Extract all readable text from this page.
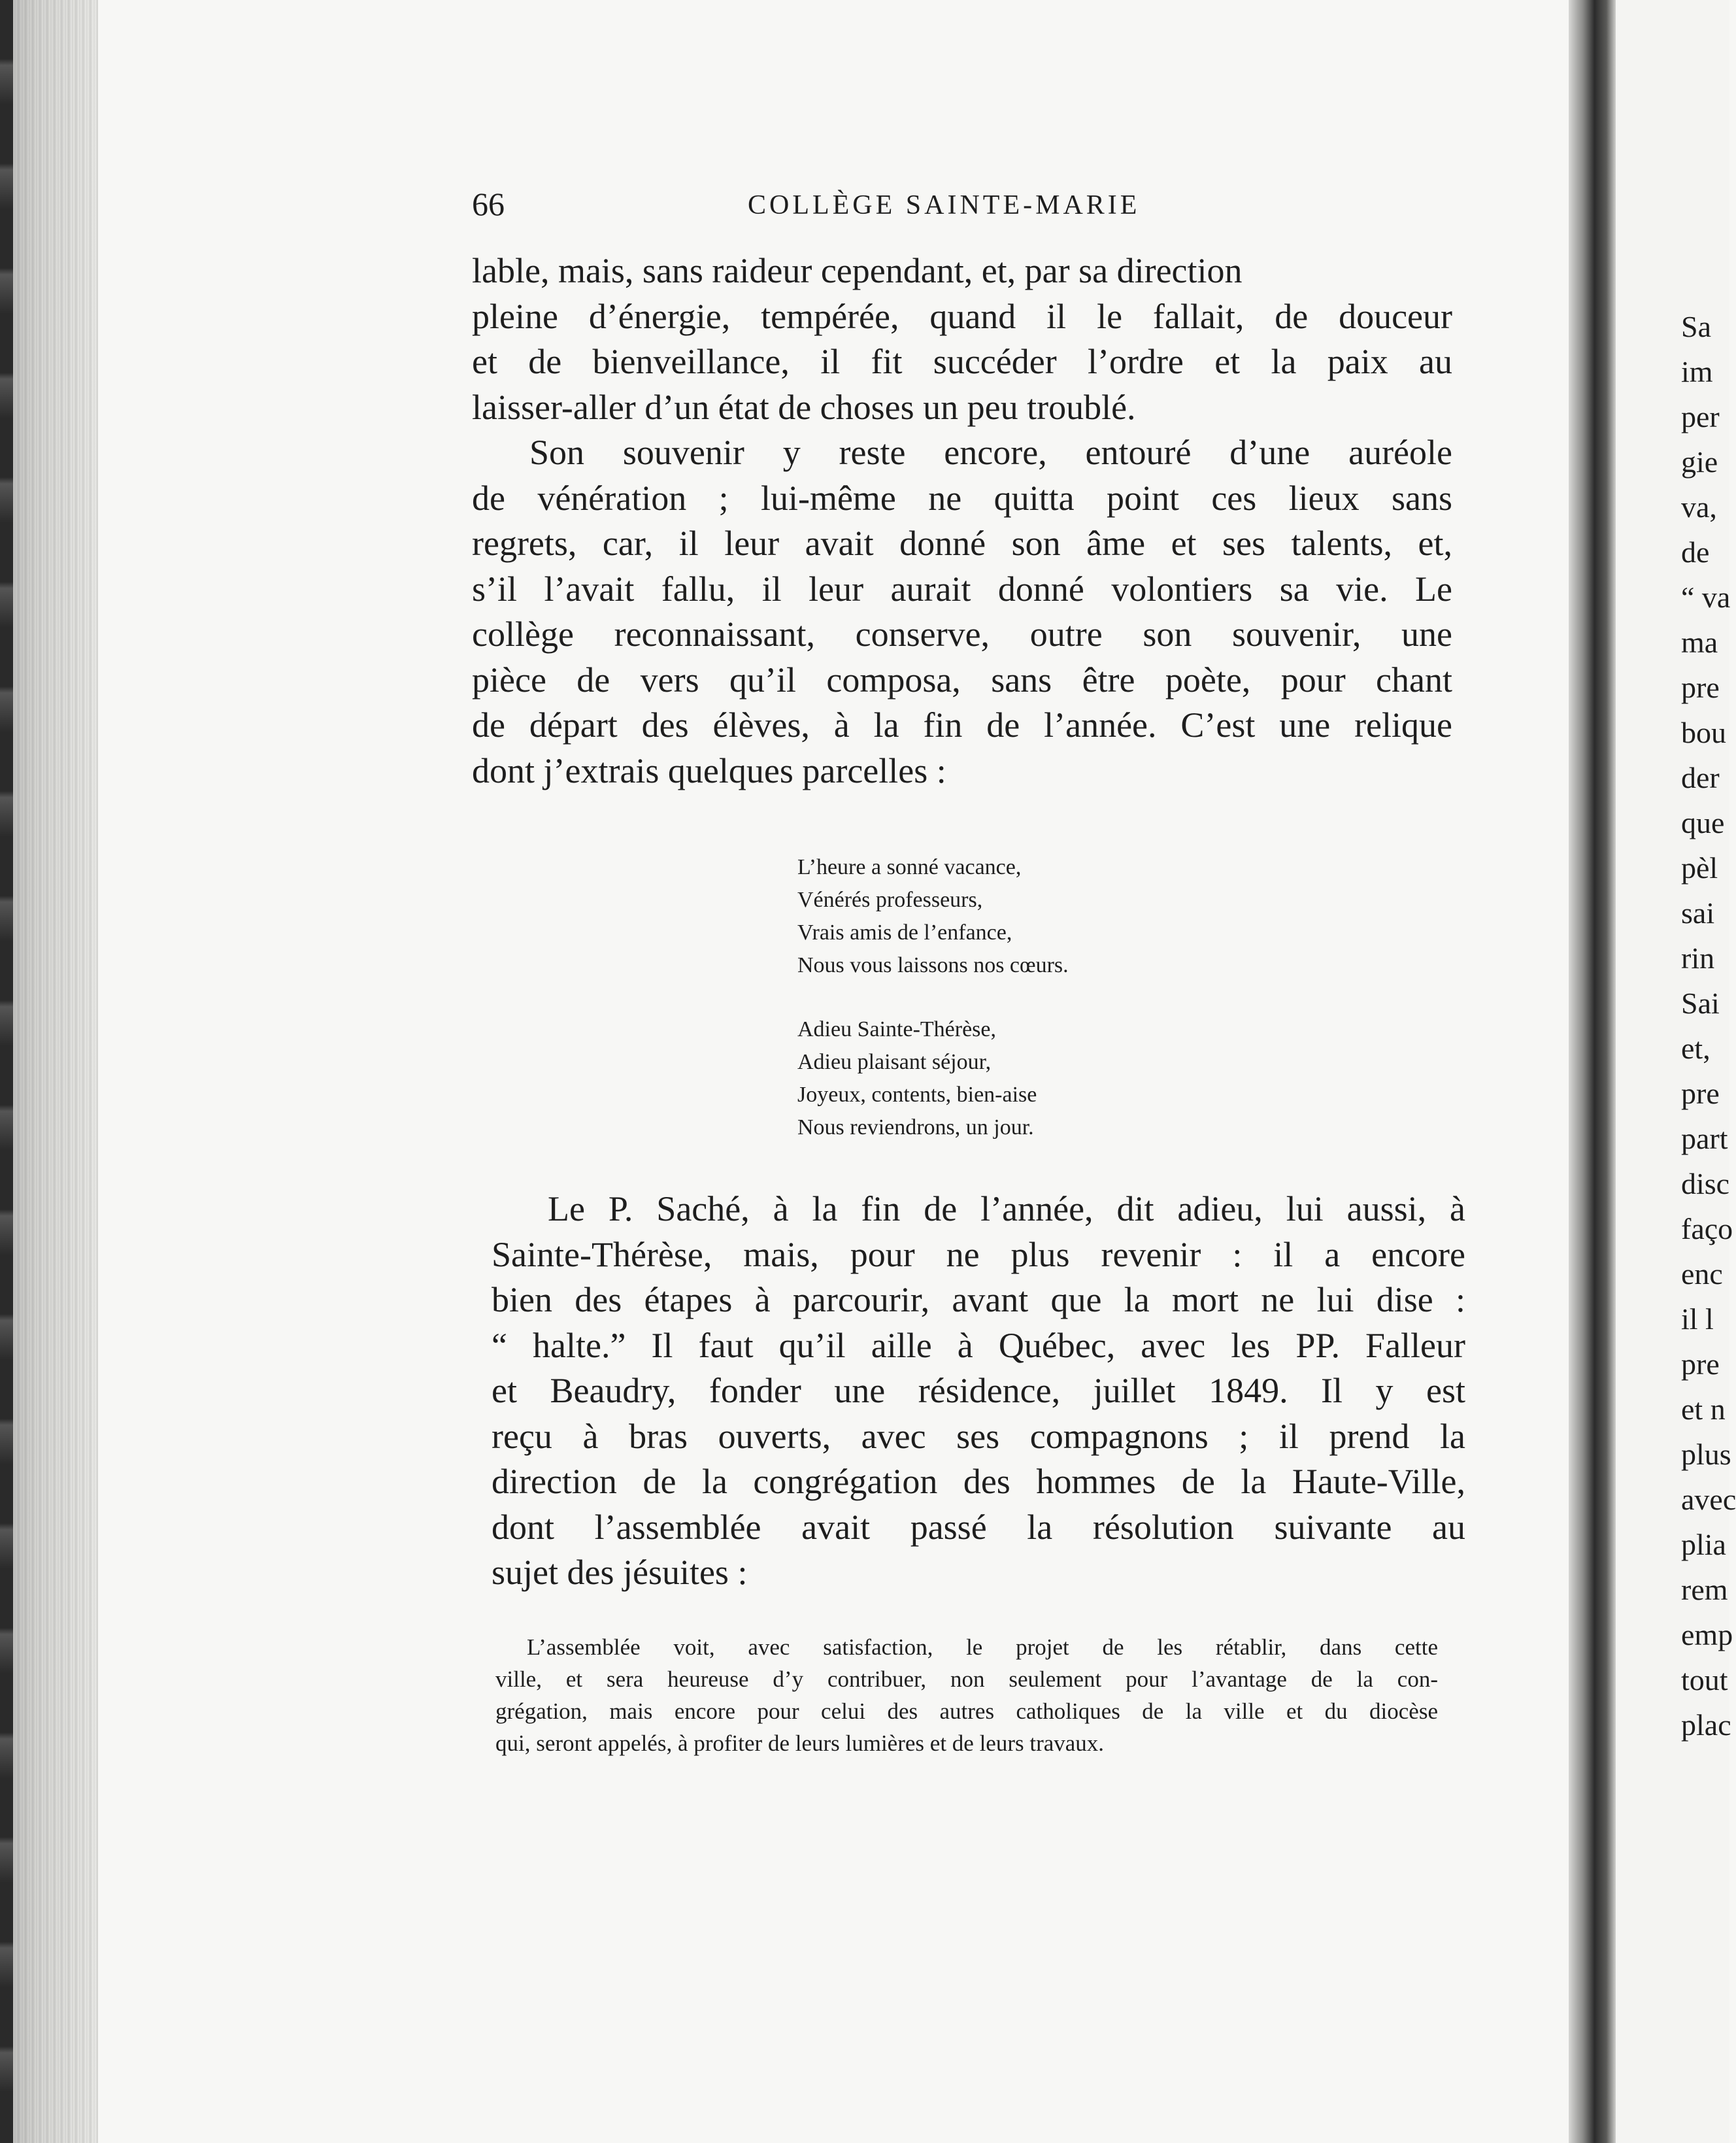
66	COLLÈGE SAINTE-MARIE
lable, mais, sans raideur cependant, et, par sa direction
pleine d’énergie, tempérée, quand il le fallait, de douceur
et de bienveillance, il fit succéder l’ordre et la paix au
laisser-aller d’un état de choses un peu troublé.
Son souvenir y reste encore, entouré d’une auréole
de vénération ; lui-même ne quitta point ces lieux sans
regrets, car, il leur avait donné son âme et ses talents, et,
s’il l’avait fallu, il leur aurait donné volontiers sa vie. Le
collège reconnaissant, conserve, outre son souvenir, une
pièce de vers qu’il composa, sans être poète, pour chant
de départ des élèves, à la fin de l’année. C’est une relique
dont j’extrais quelques parcelles :
L’heure a sonné vacance,
Vénérés professeurs,
Vrais amis de l’enfance,
Nous vous laissons nos cœurs.
Adieu Sainte-Thérèse,
Adieu plaisant séjour,
Joyeux, contents, bien-aise
Nous reviendrons, un jour.
Le P. Saché, à la fin de l’année, dit adieu, lui aussi, à
Sainte-Thérèse, mais, pour ne plus revenir : il a encore
bien des étapes à parcourir, avant que la mort ne lui dise :
“ halte.” Il faut qu’il aille à Québec, avec les PP. Falleur
et Beaudry, fonder une résidence, juillet 1849. Il y est
reçu à bras ouverts, avec ses compagnons ; il prend la
direction de la congrégation des hommes de la Haute-Ville,
dont l’assemblée avait passé la résolution suivante au
sujet des jésuites :
L’assemblée voit, avec satisfaction, le projet de les rétablir, dans cette
ville, et sera heureuse d’y contribuer, non seulement pour l’avantage de la con-
grégation, mais encore pour celui des autres catholiques de la ville et du diocèse
qui, seront appelés, à profiter de leurs lumières et de leurs travaux.
Sa
im
per
gie
va,
de
“ va
ma
pre
bou
der
que
pèl
sai
rin
Sai
et,
pre
part
disc
faço
enc
il l
pre
et n
plus
avec
plia
rem
emp
tout
plac
